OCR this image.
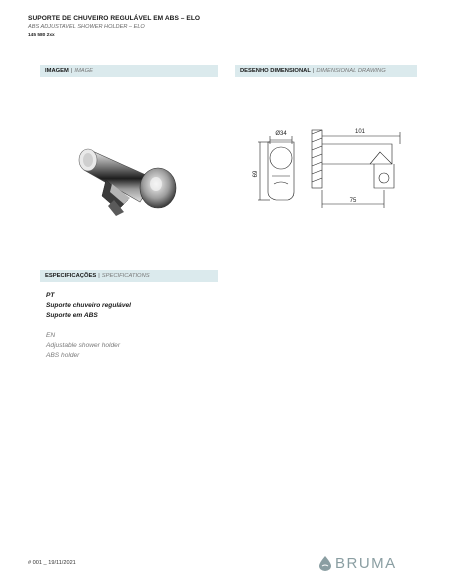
SUPORTE DE CHUVEIRO REGULÁVEL EM ABS – ELO
ABS ADJUSTAVEL SHOWER HOLDER – ELO
145 580 2xx
IMAGEM | IMAGE	DESENHO DIMENSIONAL | DIMENSIONAL DRAWING
Ø34
69
101
75
ESPECIFICAÇÕES | SPECIFICATIONS
PT
Suporte chuveiro regulável
Suporte em ABS
EN
Adjustable shower holder
ABS holder
# 001 _ 19/11/2021	BRUMA
